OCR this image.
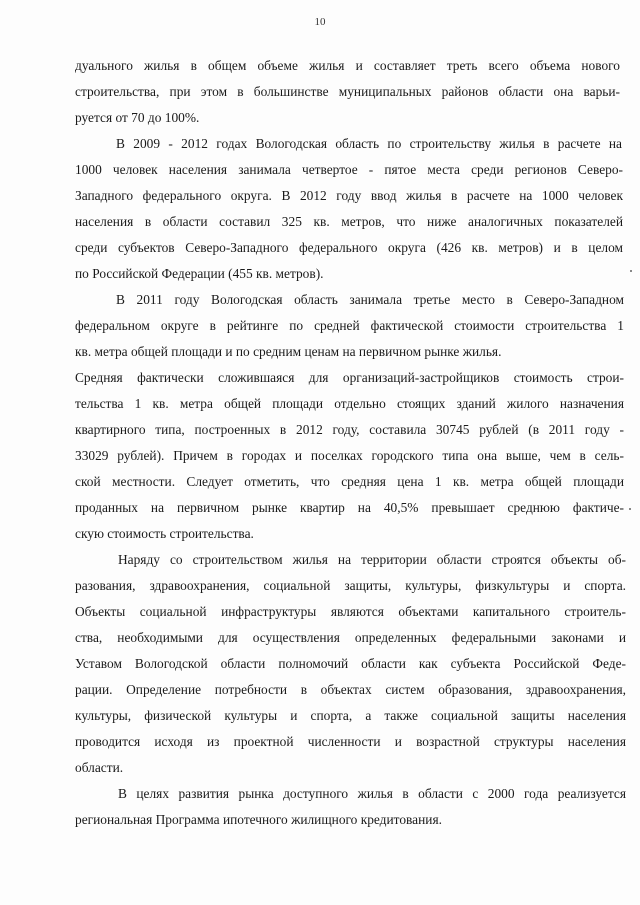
10
дуального жилья в общем объеме жилья и составляет треть всего объема нового
строительства, при этом в большинстве муниципальных районов области она варьи-
руется от 70 до 100%.
В 2009 - 2012 годах Вологодская область по строительству жилья в расчете на
1000 человек населения занимала четвертое - пятое места среди регионов Северо-
Западного федерального округа. В 2012 году ввод жилья в расчете на 1000 человек
населения в области составил 325 кв. метров, что ниже аналогичных показателей
среди субъектов Северо-Западного федерального округа (426 кв. метров) и в целом
по Российской Федерации (455 кв. метров).
В 2011 году Вологодская область занимала третье место в Северо-Западном
федеральном округе в рейтинге по средней фактической стоимости строительства 1
кв. метра общей площади и по средним ценам на первичном рынке жилья.
Средняя фактически сложившаяся для организаций-застройщиков стоимость строи-
тельства 1 кв. метра общей площади отдельно стоящих зданий жилого назначения
квартирного типа, построенных в 2012 году, составила 30745 рублей (в 2011 году -
33029 рублей). Причем в городах и поселках городского типа она выше, чем в сель-
ской местности. Следует отметить, что средняя цена 1 кв. метра общей площади
проданных на первичном рынке квартир на 40,5% превышает среднюю фактиче-
скую стоимость строительства.
Наряду со строительством жилья на территории области строятся объекты об-
разования, здравоохранения, социальной защиты, культуры, физкультуры и спорта.
Объекты социальной инфраструктуры являются объектами капитального строитель-
ства, необходимыми для осуществления определенных федеральными законами и
Уставом Вологодской области полномочий области как субъекта Российской Феде-
рации. Определение потребности в объектах систем образования, здравоохранения,
культуры, физической культуры и спорта, а также социальной защиты населения
проводится исходя из проектной численности и возрастной структуры населения
области.
В целях развития рынка доступного жилья в области с 2000 года реализуется
региональная Программа ипотечного жилищного кредитования.
